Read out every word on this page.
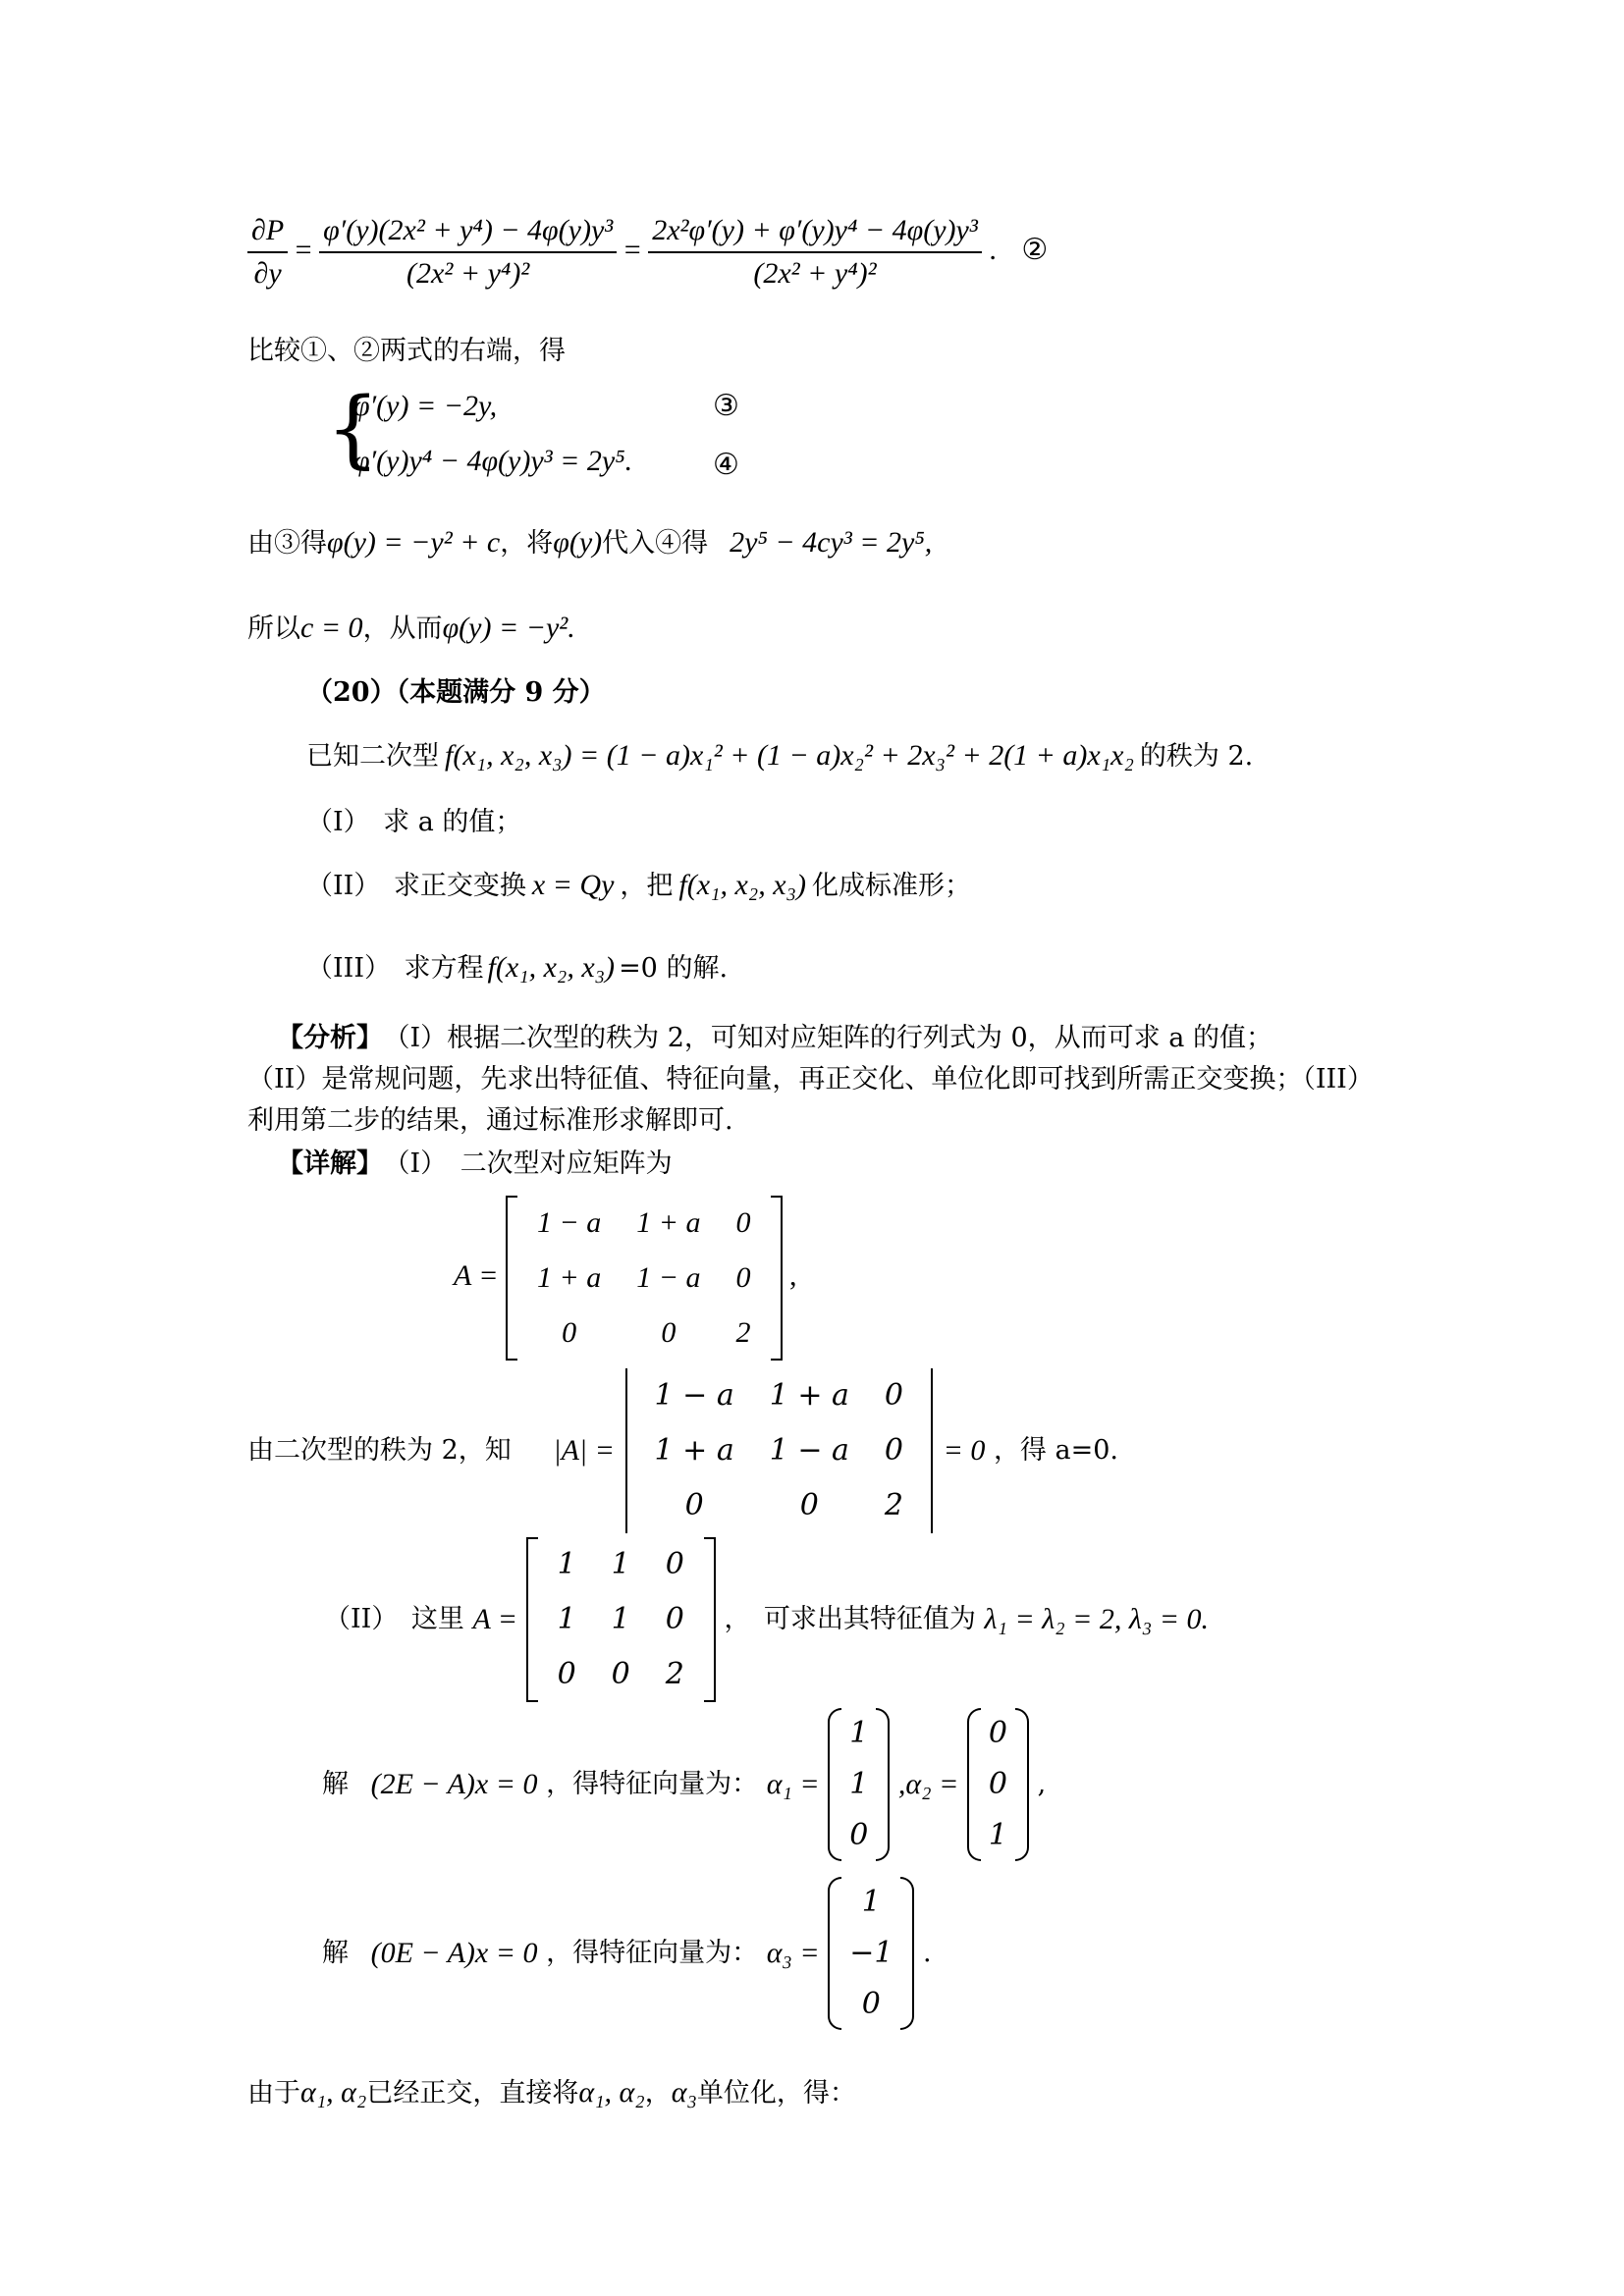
$\frac{\partial P}{\partial y} = \frac{\text{φ′(y)(2x² + y⁴) − 4φ(y)y³}}{\text{(2x² + y⁴)²}} = \frac{\text{2x²φ′(y) + φ′(y)y⁴ − 4φ(y)y³}}{\text{(2x² + y⁴)²}}$ . ②
比较①、②两式的右端，得
{
φ′(y) = −2y,	③
φ′(y)y⁴ − 4φ(y)y³ = 2y⁵.	④
由③得φ(y) = −y² + c，将φ(y)代入④得 2y⁵ − 4cy³ = 2y⁵,
所以c = 0，从而φ(y) = −y².
（20）（本题满分 9 分）
已知二次型 f(x₁, x₂, x₃) = (1 − a)x₁² + (1 − a)x₂² + 2x₃² + 2(1 + a)x₁x₂ 的秩为 2.
（I）　求 a 的值；
（II）　求正交变换 x = Qy ，把 f(x₁, x₂, x₃) 化成标准形；
（III）　求方程 f(x₁, x₂, x₃) =0 的解.
【分析】 （I）根据二次型的秩为 2，可知对应矩阵的行列式为 0，从而可求 a 的值；
（II）是常规问题，先求出特征值、特征向量，再正交化、单位化即可找到所需正交变换；（III）
利用第二步的结果，通过标准形求解即可.
【详解】 （I）　二次型对应矩阵为
A =
1 − a	1 + a	0
1 + a	1 − a	0
0	0	2
,
由二次型的秩为 2，知 |A| =
1 − a	1 + a	0
1 + a	1 − a	0
0	0	2
= 0 ，得 a=0.
（II）　这里 A =
1	1	0
1	1	0
0	0	2
，　可求出其特征值为 λ₁ = λ₂ = 2, λ₃ = 0.
解 (2E − A)x = 0 ，得特征向量为： α₁ =
1
1
0
,α₂ =
0
0
1
,
解 (0E − A)x = 0 ，得特征向量为： α₃ =
1
−1
0
.
由于α₁, α₂已经正交，直接将α₁, α₂，α₃单位化，得：
